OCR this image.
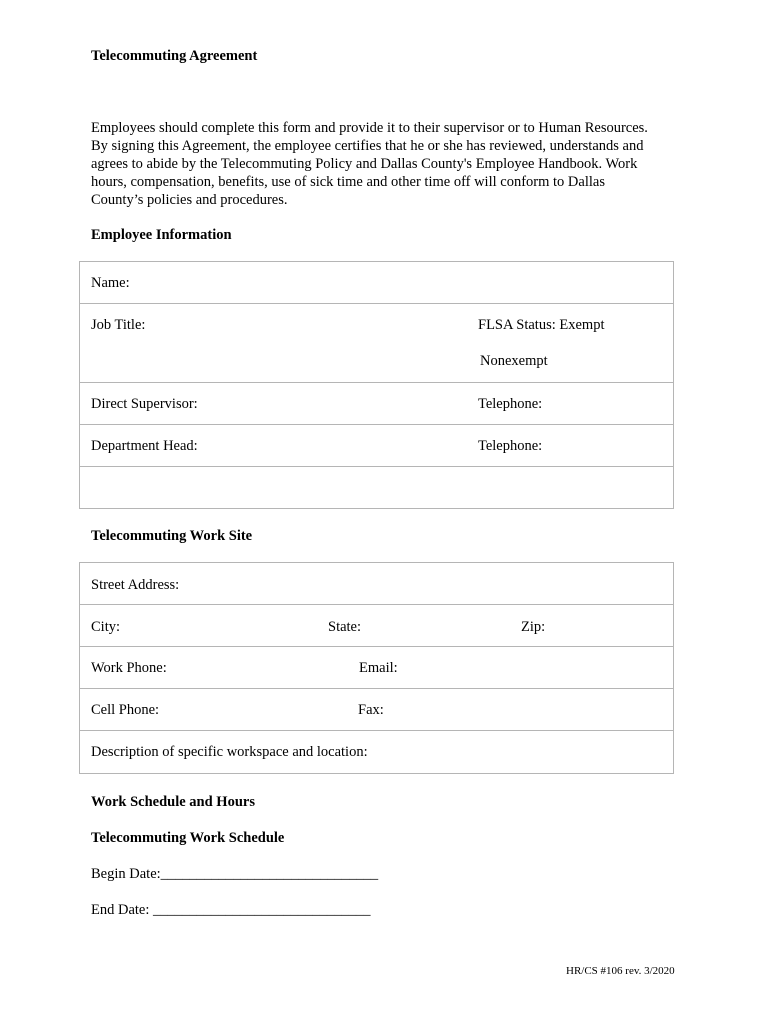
Telecommuting Agreement
Employees should complete this form and provide it to their supervisor or to Human Resources.
By signing this Agreement, the employee certifies that he or she has reviewed, understands and
agrees to abide by the Telecommuting Policy and Dallas County's Employee Handbook. Work
hours, compensation, benefits, use of sick time and other time off will conform to Dallas
County’s policies and procedures.
Employee Information
Name:
Job Title:	FLSA Status: Exempt
Nonexempt
Direct Supervisor:	Telephone:
Department Head:	Telephone:
Telecommuting Work Site
Street Address:
City:	State:	Zip:
Work Phone:	Email:
Cell Phone:	Fax:
Description of specific workspace and location:
Work Schedule and Hours
Telecommuting Work Schedule
Begin Date:______________________________
End Date: ______________________________
HR/CS #106 rev. 3/2020
